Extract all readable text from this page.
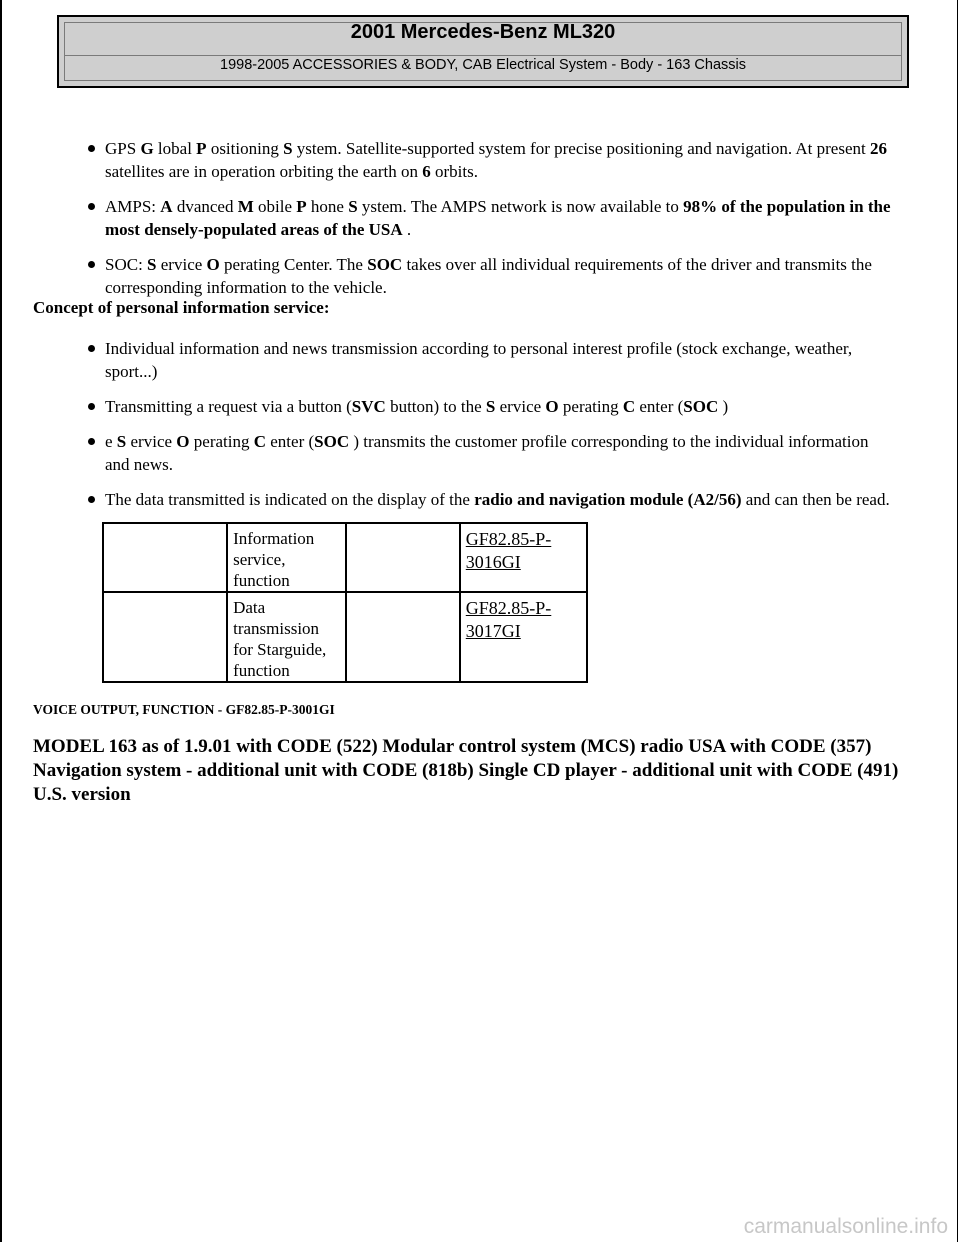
2001 Mercedes-Benz ML320
1998-2005 ACCESSORIES & BODY, CAB Electrical System - Body - 163 Chassis
GPS G lobal P ositioning S ystem. Satellite-supported system for precise positioning and navigation. At present 26 satellites are in operation orbiting the earth on 6 orbits.
AMPS: A dvanced M obile P hone S ystem. The AMPS network is now available to 98% of the population in the most densely-populated areas of the USA .
SOC: S ervice O perating Center. The SOC takes over all individual requirements of the driver and transmits the corresponding information to the vehicle.
Concept of personal information service:
Individual information and news transmission according to personal interest profile (stock exchange, weather, sport...)
Transmitting a request via a button (SVC button) to the S ervice O perating C enter (SOC )
e S ervice O perating C enter (SOC ) transmits the customer profile corresponding to the individual information and news.
The data transmitted is indicated on the display of the radio and navigation module (A2/56) and can then be read.
	Information service, function		GF82.85-P-3016GI
	Data transmission for Starguide, function		GF82.85-P-3017GI
VOICE OUTPUT, FUNCTION - GF82.85-P-3001GI
MODEL 163 as of 1.9.01 with CODE (522) Modular control system (MCS) radio USA with CODE (357) Navigation system - additional unit with CODE (818b) Single CD player - additional unit with CODE (491) U.S. version
carmanualsonline.info
